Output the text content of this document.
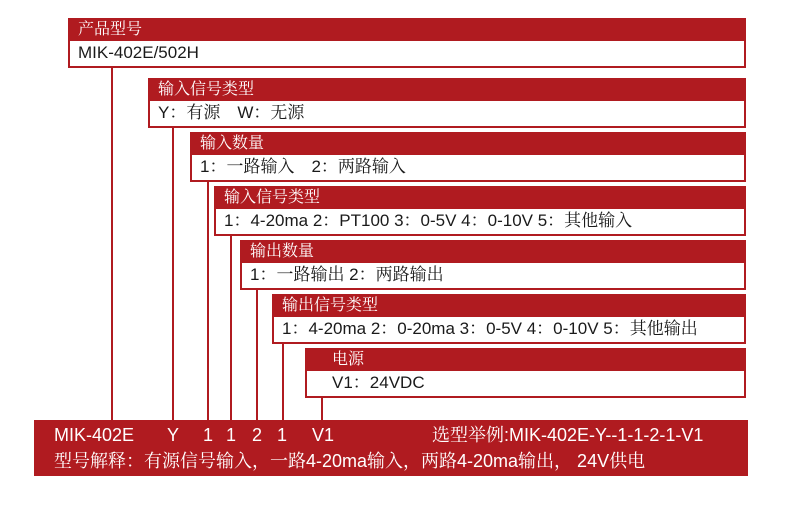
产品型号
MIK-402E/502H
输入信号类型
Y：有源　W：无源
输入数量
1：一路输入　2：两路输入
输入信号类型
1：4-20ma 2：PT100 3：0-5V 4：0-10V 5：其他输入
输出数量
1：一路输出 2：两路输出
输出信号类型
1：4-20ma 2：0-20ma 3：0-5V 4：0-10V 5：其他输出
电源
V1：24VDC
MIK-402E Y 1 1 2 1 V1	选型举例:MIK-402E-Y--1-1-2-1-V1
型号解释：有源信号输入，一路4-20ma输入，两路4-20ma输出， 24V供电
